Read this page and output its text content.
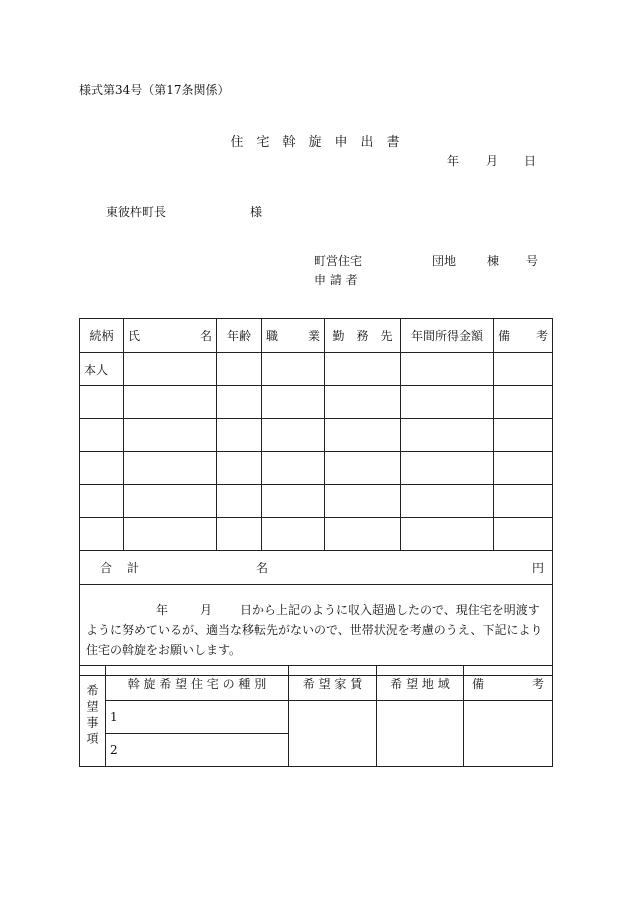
様式第34号（第17条関係）
住　宅　斡　旋　申　出　書
年 月 日
東彼杵町長	様
町営住宅	団地	棟 号
申 請 者
続柄	氏 名	年齢	職 業	勤　務　先	年間所得金額	備 考

本人						

合 計 名 円						

年 月 日から上記のように収入超過したので、現住宅を明渡すように努めているが、適当な移転先がないので、世帯状況を考慮のうえ、下記により住宅の斡旋をお願いします。						
希望事項	斡 旋 希 望 住 宅 の 種 別	希 望 家 賃	希 望 地 域	備 考

	1			
	2			
